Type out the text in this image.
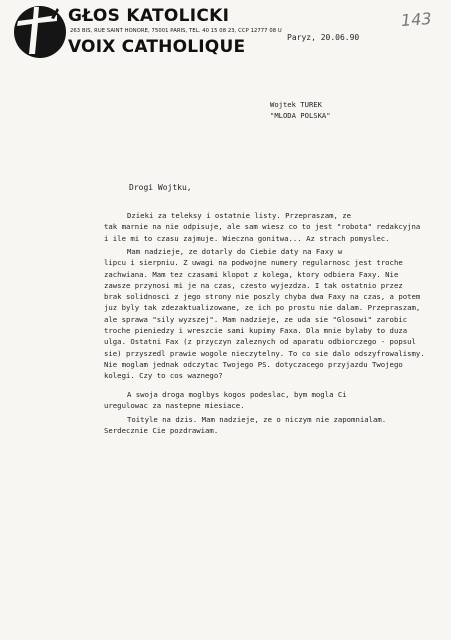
GŁOS KATOLICKI
263 BIS, RUE SAINT HONORE, 75001 PARIS, TEL. 40 15 08 23, CCP 12777 08 U
VOIX CATHOLIQUE
143
Paryz, 20.06.90
Wojtek TUREK
"MLODA POLSKA"
Drogi Wojtku,
Dzieki za teleksy i ostatnie listy. Przepraszam, ze
tak marnie na nie odpisuje, ale sam wiesz co to jest "robota" redakcyjna
i ile mi to czasu zajmuje. Wieczna gonitwa... Az strach pomyslec.
Mam nadzieje, ze dotarly do Ciebie daty na Faxy w
lipcu i sierpniu. Z uwagi na podwojne numery regularnosc jest troche
zachwiana. Mam tez czasami klopot z kolega, ktory odbiera Faxy. Nie
zawsze przynosi mi je na czas, czesto wyjezdza. I tak ostatnio przez
brak solidnosci z jego strony nie poszly chyba dwa Faxy na czas, a potem
juz byly tak zdezaktualizowane, ze ich po prostu nie dalam. Przepraszam,
ale sprawa "sily wyzszej". Mam nadzieje, ze uda sie "Glosowi" zarobic
troche pieniedzy i wreszcie sami kupimy Faxa. Dla mnie bylaby to duza
ulga. Ostatni Fax (z przyczyn zaleznych od aparatu odbiorczego - popsul
sie) przyszedl prawie wogole nieczytelny. To co sie dalo odszyfrowalismy.
Nie moglam jednak odczytac Twojego PS. dotyczacego przyjazdu Twojego
kolegi. Czy to cos waznego?
A swoja droga moglbys kogos podeslac, bym mogla Ci
uregulowac za nastepne miesiace.
Toityle na dzis. Mam nadzieje, ze o niczym nie zapomnialam.
Serdecznie Cie pozdrawiam.
